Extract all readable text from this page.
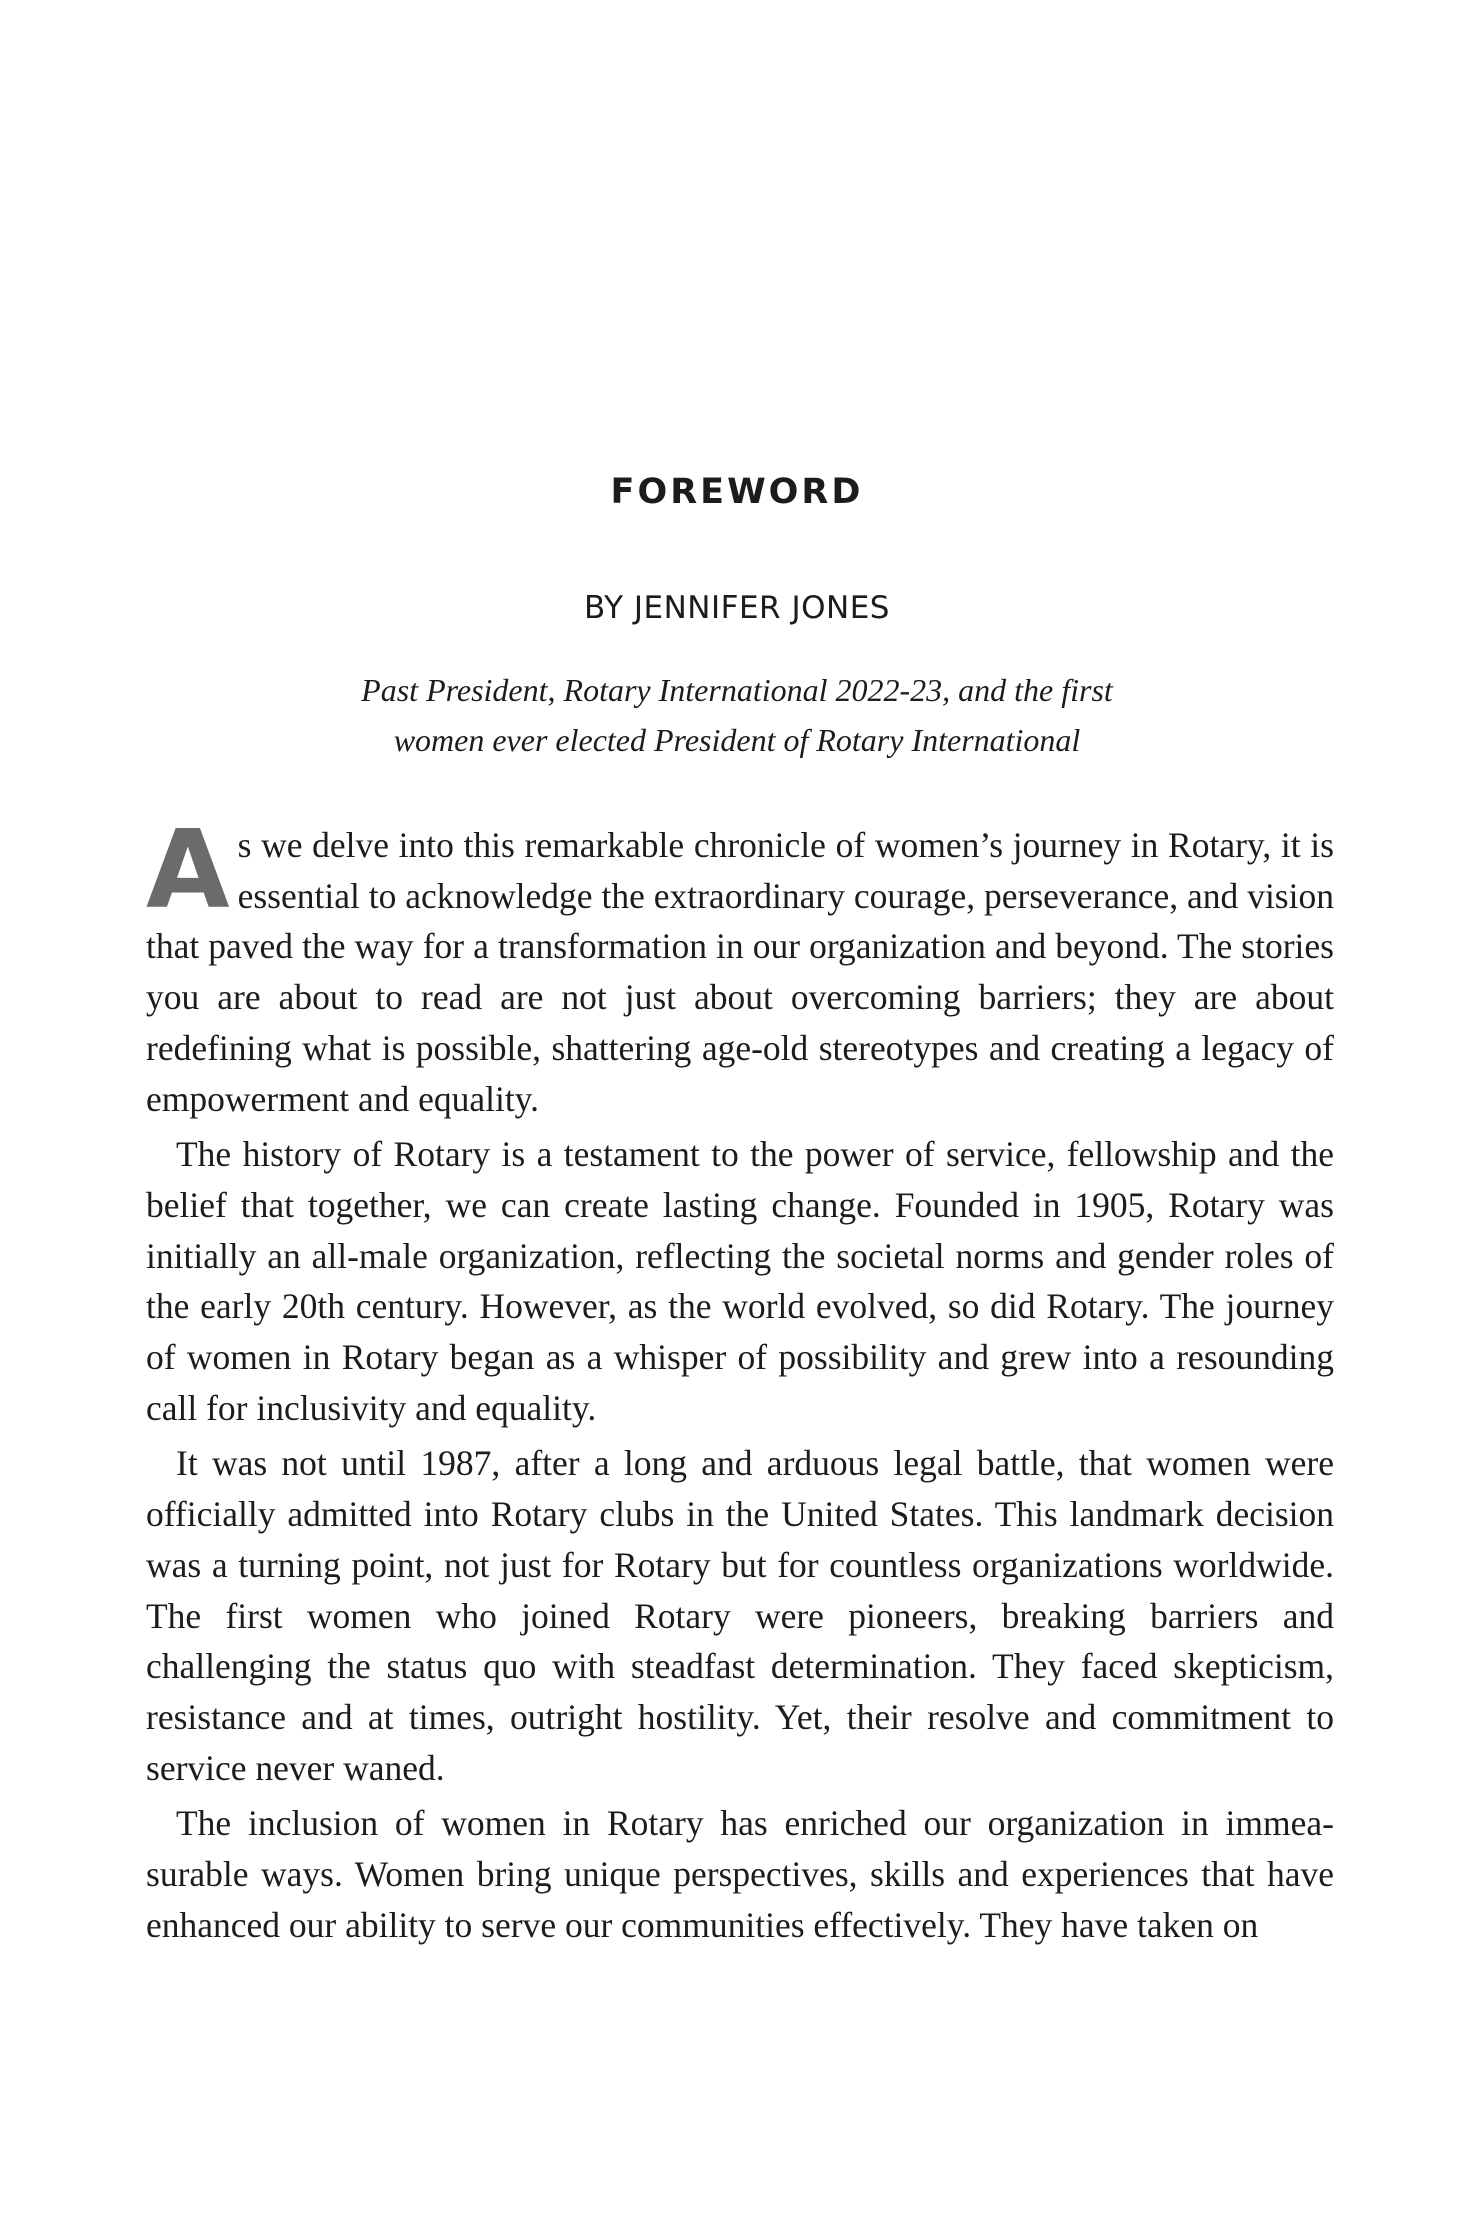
FOREWORD
BY JENNIFER JONES
Past President, Rotary International 2022-23, and the first
women ever elected President of Rotary International

As we delve into this remarkable chronicle of women’s journey in Rotary, it is essential to acknowledge the extraordinary courage, perseverance, and vision that paved the way for a transformation in our organization and beyond. The stories you are about to read are not just about overcoming barriers; they are about redefining what is possible, shattering age-old stereotypes and creating a legacy of empowerment and equality.

The history of Rotary is a testament to the power of service, fellowship and the belief that together, we can create lasting change. Founded in 1905, Rotary was initially an all-male organization, reflecting the societal norms and gender roles of the early 20th century. However, as the world evolved, so did Rotary. The journey of women in Rotary began as a whisper of possibility and grew into a resounding call for inclusivity and equality.

It was not until 1987, after a long and arduous legal battle, that women were officially admitted into Rotary clubs in the United States. This landmark decision was a turning point, not just for Rotary but for countless organizations worldwide. The first women who joined Rotary were pioneers, breaking barriers and challenging the status quo with steadfast determination. They faced skepticism, resistance and at times, outright hostility. Yet, their resolve and commitment to service never waned.

The inclusion of women in Rotary has enriched our organization in immeasurable ways. Women bring unique perspectives, skills and experiences that have enhanced our ability to serve our communities effectively. They have taken on
